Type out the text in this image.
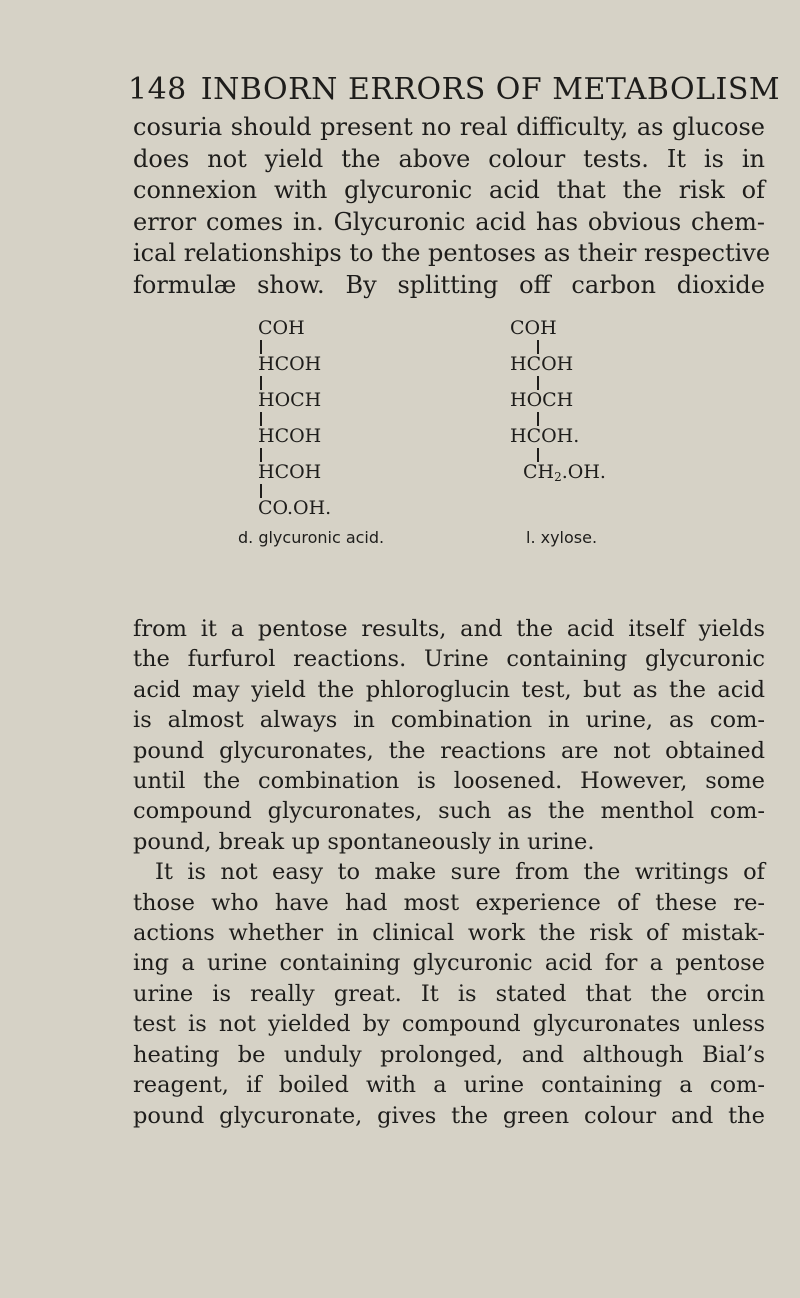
148 INBORN ERRORS OF METABOLISM
cosuria should present no real difficulty, as glucose
does not yield the above colour tests. It is in
connexion with glycuronic acid that the risk of
error comes in. Glycuronic acid has obvious chem-
ical relationships to the pentoses as their respective
formulæ show. By splitting off carbon dioxide
COH
HCOH
HOCH
HCOH
HCOH
CO.OH.
d. glycuronic acid.
COH
HCOH
HOCH
HCOH.
$CH_2.OH$.
l. xylose.
from it a pentose results, and the acid itself yields
the furfurol reactions. Urine containing glycuronic
acid may yield the phloroglucin test, but as the acid
is almost always in combination in urine, as com-
pound glycuronates, the reactions are not obtained
until the combination is loosened. However, some
compound glycuronates, such as the menthol com-
pound, break up spontaneously in urine.
It is not easy to make sure from the writings of
those who have had most experience of these re-
actions whether in clinical work the risk of mistak-
ing a urine containing glycuronic acid for a pentose
urine is really great. It is stated that the orcin
test is not yielded by compound glycuronates unless
heating be unduly prolonged, and although Bial’s
reagent, if boiled with a urine containing a com-
pound glycuronate, gives the green colour and the
